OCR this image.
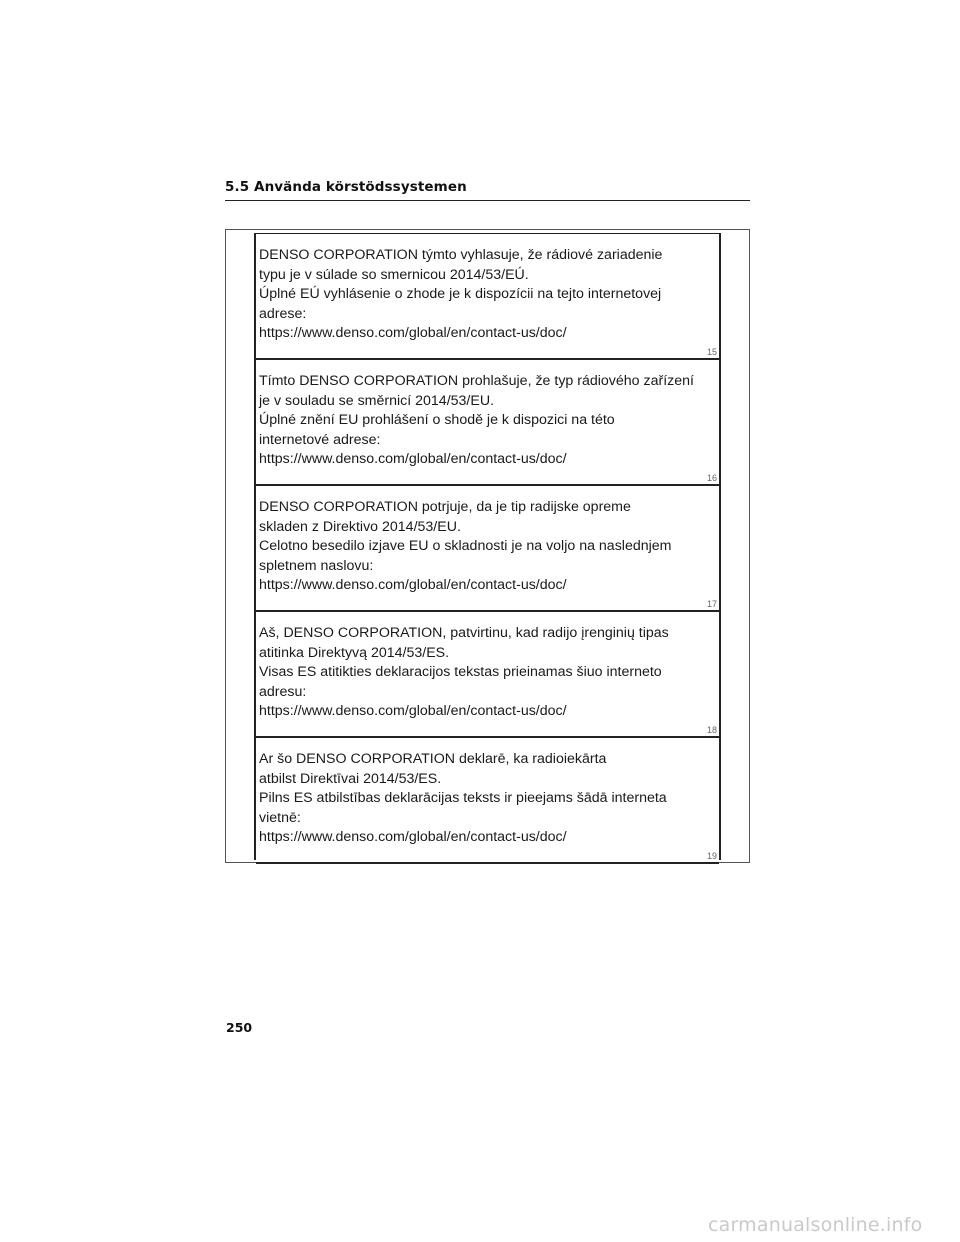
5.5 Använda körstödssystemen
DENSO CORPORATION týmto vyhlasuje, že rádiové zariadenie
typu je v súlade so smernicou 2014/53/EÚ.
Úplné EÚ vyhlásenie o zhode je k dispozícii na tejto internetovej
adrese:
https://www.denso.com/global/en/contact-us/doc/
15
Tímto DENSO CORPORATION prohlašuje, že typ rádiového zařízení
je v souladu se směrnicí 2014/53/EU.
Úplné znění EU prohlášení o shodě je k dispozici na této
internetové adrese:
https://www.denso.com/global/en/contact-us/doc/
16
DENSO CORPORATION potrjuje, da je tip radijske opreme
skladen z Direktivo 2014/53/EU.
Celotno besedilo izjave EU o skladnosti je na voljo na naslednjem
spletnem naslovu:
https://www.denso.com/global/en/contact-us/doc/
17
Aš, DENSO CORPORATION, patvirtinu, kad radijo įrenginių tipas
atitinka Direktyvą 2014/53/ES.
Visas ES atitikties deklaracijos tekstas prieinamas šiuo interneto
adresu:
https://www.denso.com/global/en/contact-us/doc/
18
Ar šo DENSO CORPORATION deklarē, ka radioiekārta
atbilst Direktīvai 2014/53/ES.
Pilns ES atbilstības deklarācijas teksts ir pieejams šādā interneta
vietnē:
https://www.denso.com/global/en/contact-us/doc/
19
250
carmanualsonline.info
